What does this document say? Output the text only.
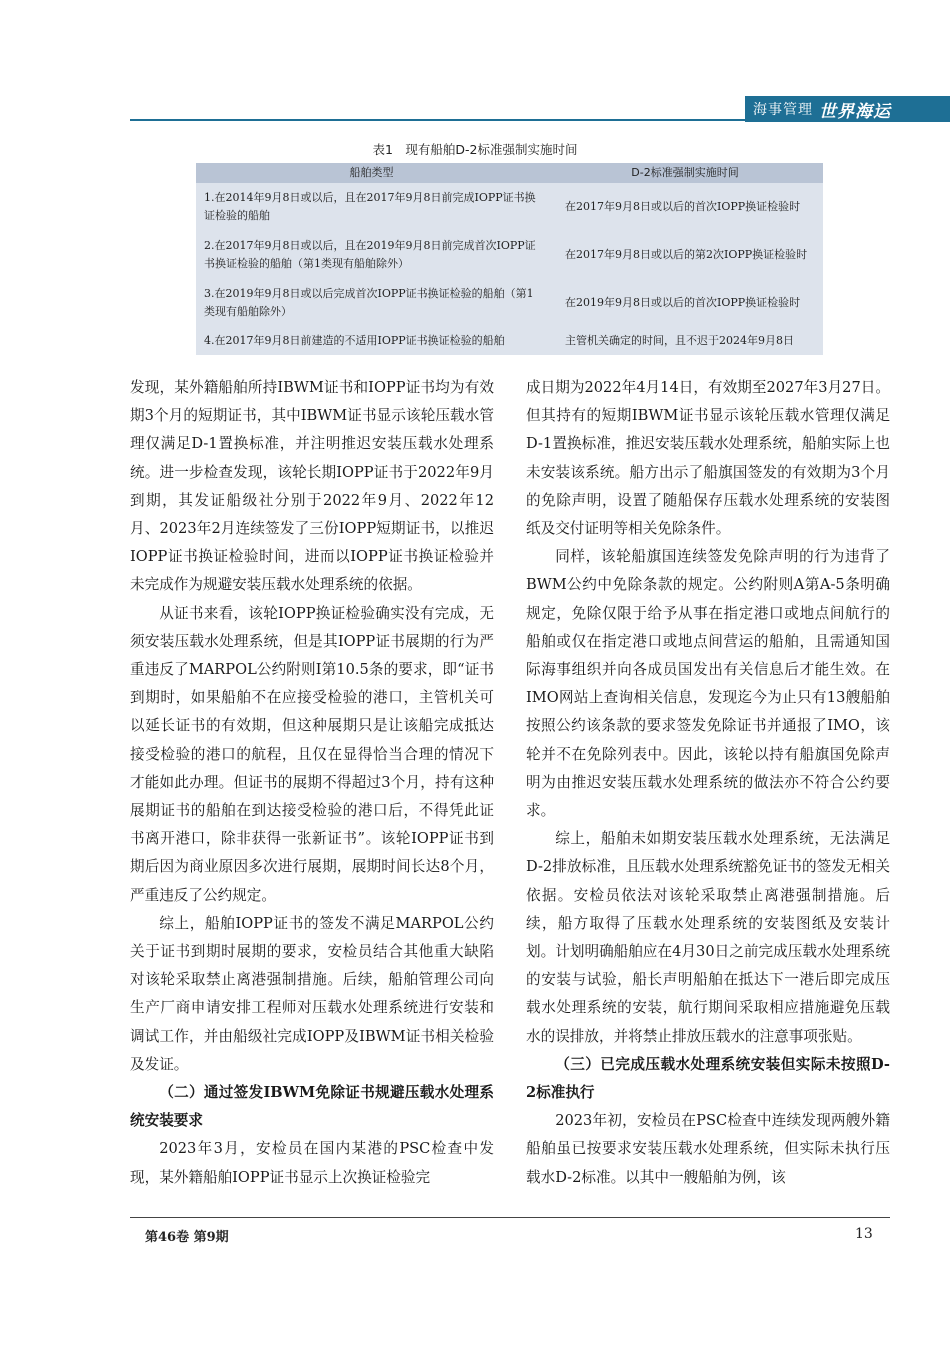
海事管理 世界海运
表1　现有船舶D-2标准强制实施时间
船舶类型	D-2标准强制实施时间
1.在2014年9月8日或以后，且在2017年9月8日前完成IOPP证书换证检验的船舶	在2017年9月8日或以后的首次IOPP换证检验时
2.在2017年9月8日或以后，且在2019年9月8日前完成首次IOPP证书换证检验的船舶（第1类现有船舶除外）	在2017年9月8日或以后的第2次IOPP换证检验时
3.在2019年9月8日或以后完成首次IOPP证书换证检验的船舶（第1类现有船舶除外）	在2019年9月8日或以后的首次IOPP换证检验时
4.在2017年9月8日前建造的不适用IOPP证书换证检验的船舶	主管机关确定的时间，且不迟于2024年9月8日

发现，某外籍船舶所持IBWM证书和IOPP证书均为有效期3个月的短期证书，其中IBWM证书显示该轮压载水管理仅满足D-1置换标准，并注明推迟安装压载水处理系统。进一步检查发现，该轮长期IOPP证书于2022年9月到期，其发证船级社分别于2022年9月、2022年12月、2023年2月连续签发了三份IOPP短期证书，以推迟IOPP证书换证检验时间，进而以IOPP证书换证检验并未完成作为规避安装压载水处理系统的依据。

从证书来看，该轮IOPP换证检验确实没有完成，无须安装压载水处理系统，但是其IOPP证书展期的行为严重违反了MARPOL公约附则I第10.5条的要求，即“证书到期时，如果船舶不在应接受检验的港口，主管机关可以延长证书的有效期，但这种展期只是让该船完成抵达接受检验的港口的航程，且仅在显得恰当合理的情况下才能如此办理。但证书的展期不得超过3个月，持有这种展期证书的船舶在到达接受检验的港口后，不得凭此证书离开港口，除非获得一张新证书”。该轮IOPP证书到期后因为商业原因多次进行展期，展期时间长达8个月，严重违反了公约规定。

综上，船舶IOPP证书的签发不满足MARPOL公约关于证书到期时展期的要求，安检员结合其他重大缺陷对该轮采取禁止离港强制措施。后续，船舶管理公司向生产厂商申请安排工程师对压载水处理系统进行安装和调试工作，并由船级社完成IOPP及IBWM证书相关检验及发证。

（二）通过签发IBWM免除证书规避压载水处理系统安装要求

2023年3月，安检员在国内某港的PSC检查中发现，某外籍船舶IOPP证书显示上次换证检验完

成日期为2022年4月14日，有效期至2027年3月27日。但其持有的短期IBWM证书显示该轮压载水管理仅满足D-1置换标准，推迟安装压载水处理系统，船舶实际上也未安装该系统。船方出示了船旗国签发的有效期为3个月的免除声明，设置了随船保存压载水处理系统的安装图纸及交付证明等相关免除条件。

同样，该轮船旗国连续签发免除声明的行为违背了BWM公约中免除条款的规定。公约附则A第A-5条明确规定，免除仅限于给予从事在指定港口或地点间航行的船舶或仅在指定港口或地点间营运的船舶，且需通知国际海事组织并向各成员国发出有关信息后才能生效。在IMO网站上查询相关信息，发现迄今为止只有13艘船舶按照公约该条款的要求签发免除证书并通报了IMO，该轮并不在免除列表中。因此，该轮以持有船旗国免除声明为由推迟安装压载水处理系统的做法亦不符合公约要求。

综上，船舶未如期安装压载水处理系统，无法满足D-2排放标准，且压载水处理系统豁免证书的签发无相关依据。安检员依法对该轮采取禁止离港强制措施。后续，船方取得了压载水处理系统的安装图纸及安装计划。计划明确船舶应在4月30日之前完成压载水处理系统的安装与试验，船长声明船舶在抵达下一港后即完成压载水处理系统的安装，航行期间采取相应措施避免压载水的误排放，并将禁止排放压载水的注意事项张贴。

（三）已完成压载水处理系统安装但实际未按照D-2标准执行

2023年初，安检员在PSC检查中连续发现两艘外籍船舶虽已按要求安装压载水处理系统，但实际未执行压载水D-2标准。以其中一艘船舶为例，该

第46卷 第9期	13
